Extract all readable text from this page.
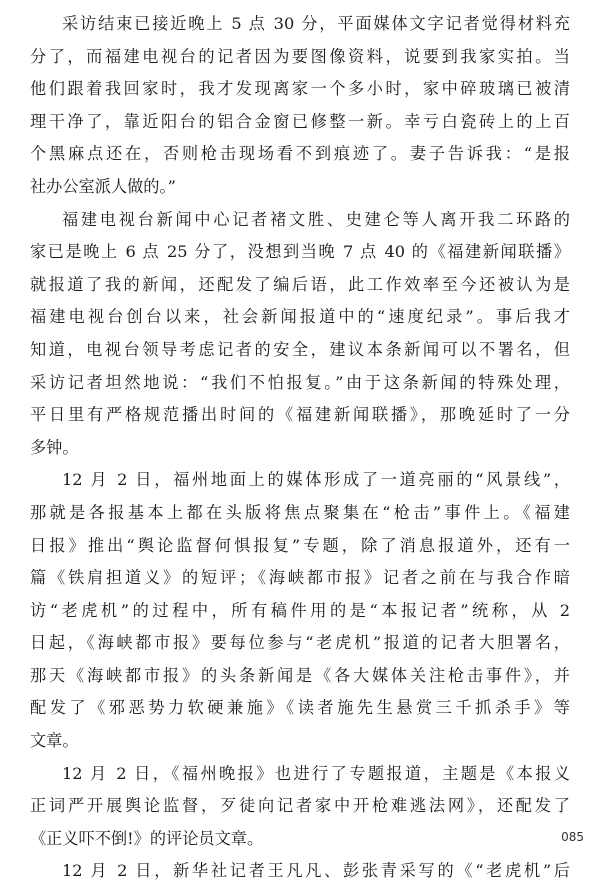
采访结束已接近晚上 5 点 30 分，平面媒体文字记者觉得材料充
分了，而福建电视台的记者因为要图像资料，说要到我家实拍。当
他们跟着我回家时，我才发现离家一个多小时，家中碎玻璃已被清
理干净了，靠近阳台的铝合金窗已修整一新。幸亏白瓷砖上的上百
个黑麻点还在，否则枪击现场看不到痕迹了。妻子告诉我：“是报
社办公室派人做的。”
福建电视台新闻中心记者褚文胜、史建仑等人离开我二环路的
家已是晚上 6 点 25 分了，没想到当晚 7 点 40 的《福建新闻联播》
就报道了我的新闻，还配发了编后语，此工作效率至今还被认为是
福建电视台创台以来，社会新闻报道中的“速度纪录”。事后我才
知道，电视台领导考虑记者的安全，建议本条新闻可以不署名，但
采访记者坦然地说：“我们不怕报复。”由于这条新闻的特殊处理，
平日里有严格规范播出时间的《福建新闻联播》，那晚延时了一分
多钟。
12 月 2 日，福州地面上的媒体形成了一道亮丽的“风景线”，
那就是各报基本上都在头版将焦点聚集在“枪击”事件上。《福建
日报》推出“舆论监督何惧报复”专题，除了消息报道外，还有一
篇《铁肩担道义》的短评；《海峡都市报》记者之前在与我合作暗
访“老虎机”的过程中，所有稿件用的是“本报记者”统称，从 2
日起，《海峡都市报》要每位参与“老虎机”报道的记者大胆署名，
那天《海峡都市报》的头条新闻是《各大媒体关注枪击事件》，并
配发了《邪恶势力软硬兼施》《读者施先生悬赏三千抓杀手》等
文章。
12 月 2 日，《福州晚报》也进行了专题报道，主题是《本报义
正词严开展舆论监督，歹徒向记者家中开枪难逃法网》，还配发了
《正义吓不倒!》的评论员文章。
12 月 2 日，新华社记者王凡凡、彭张青采写的《“老虎机”后
085
